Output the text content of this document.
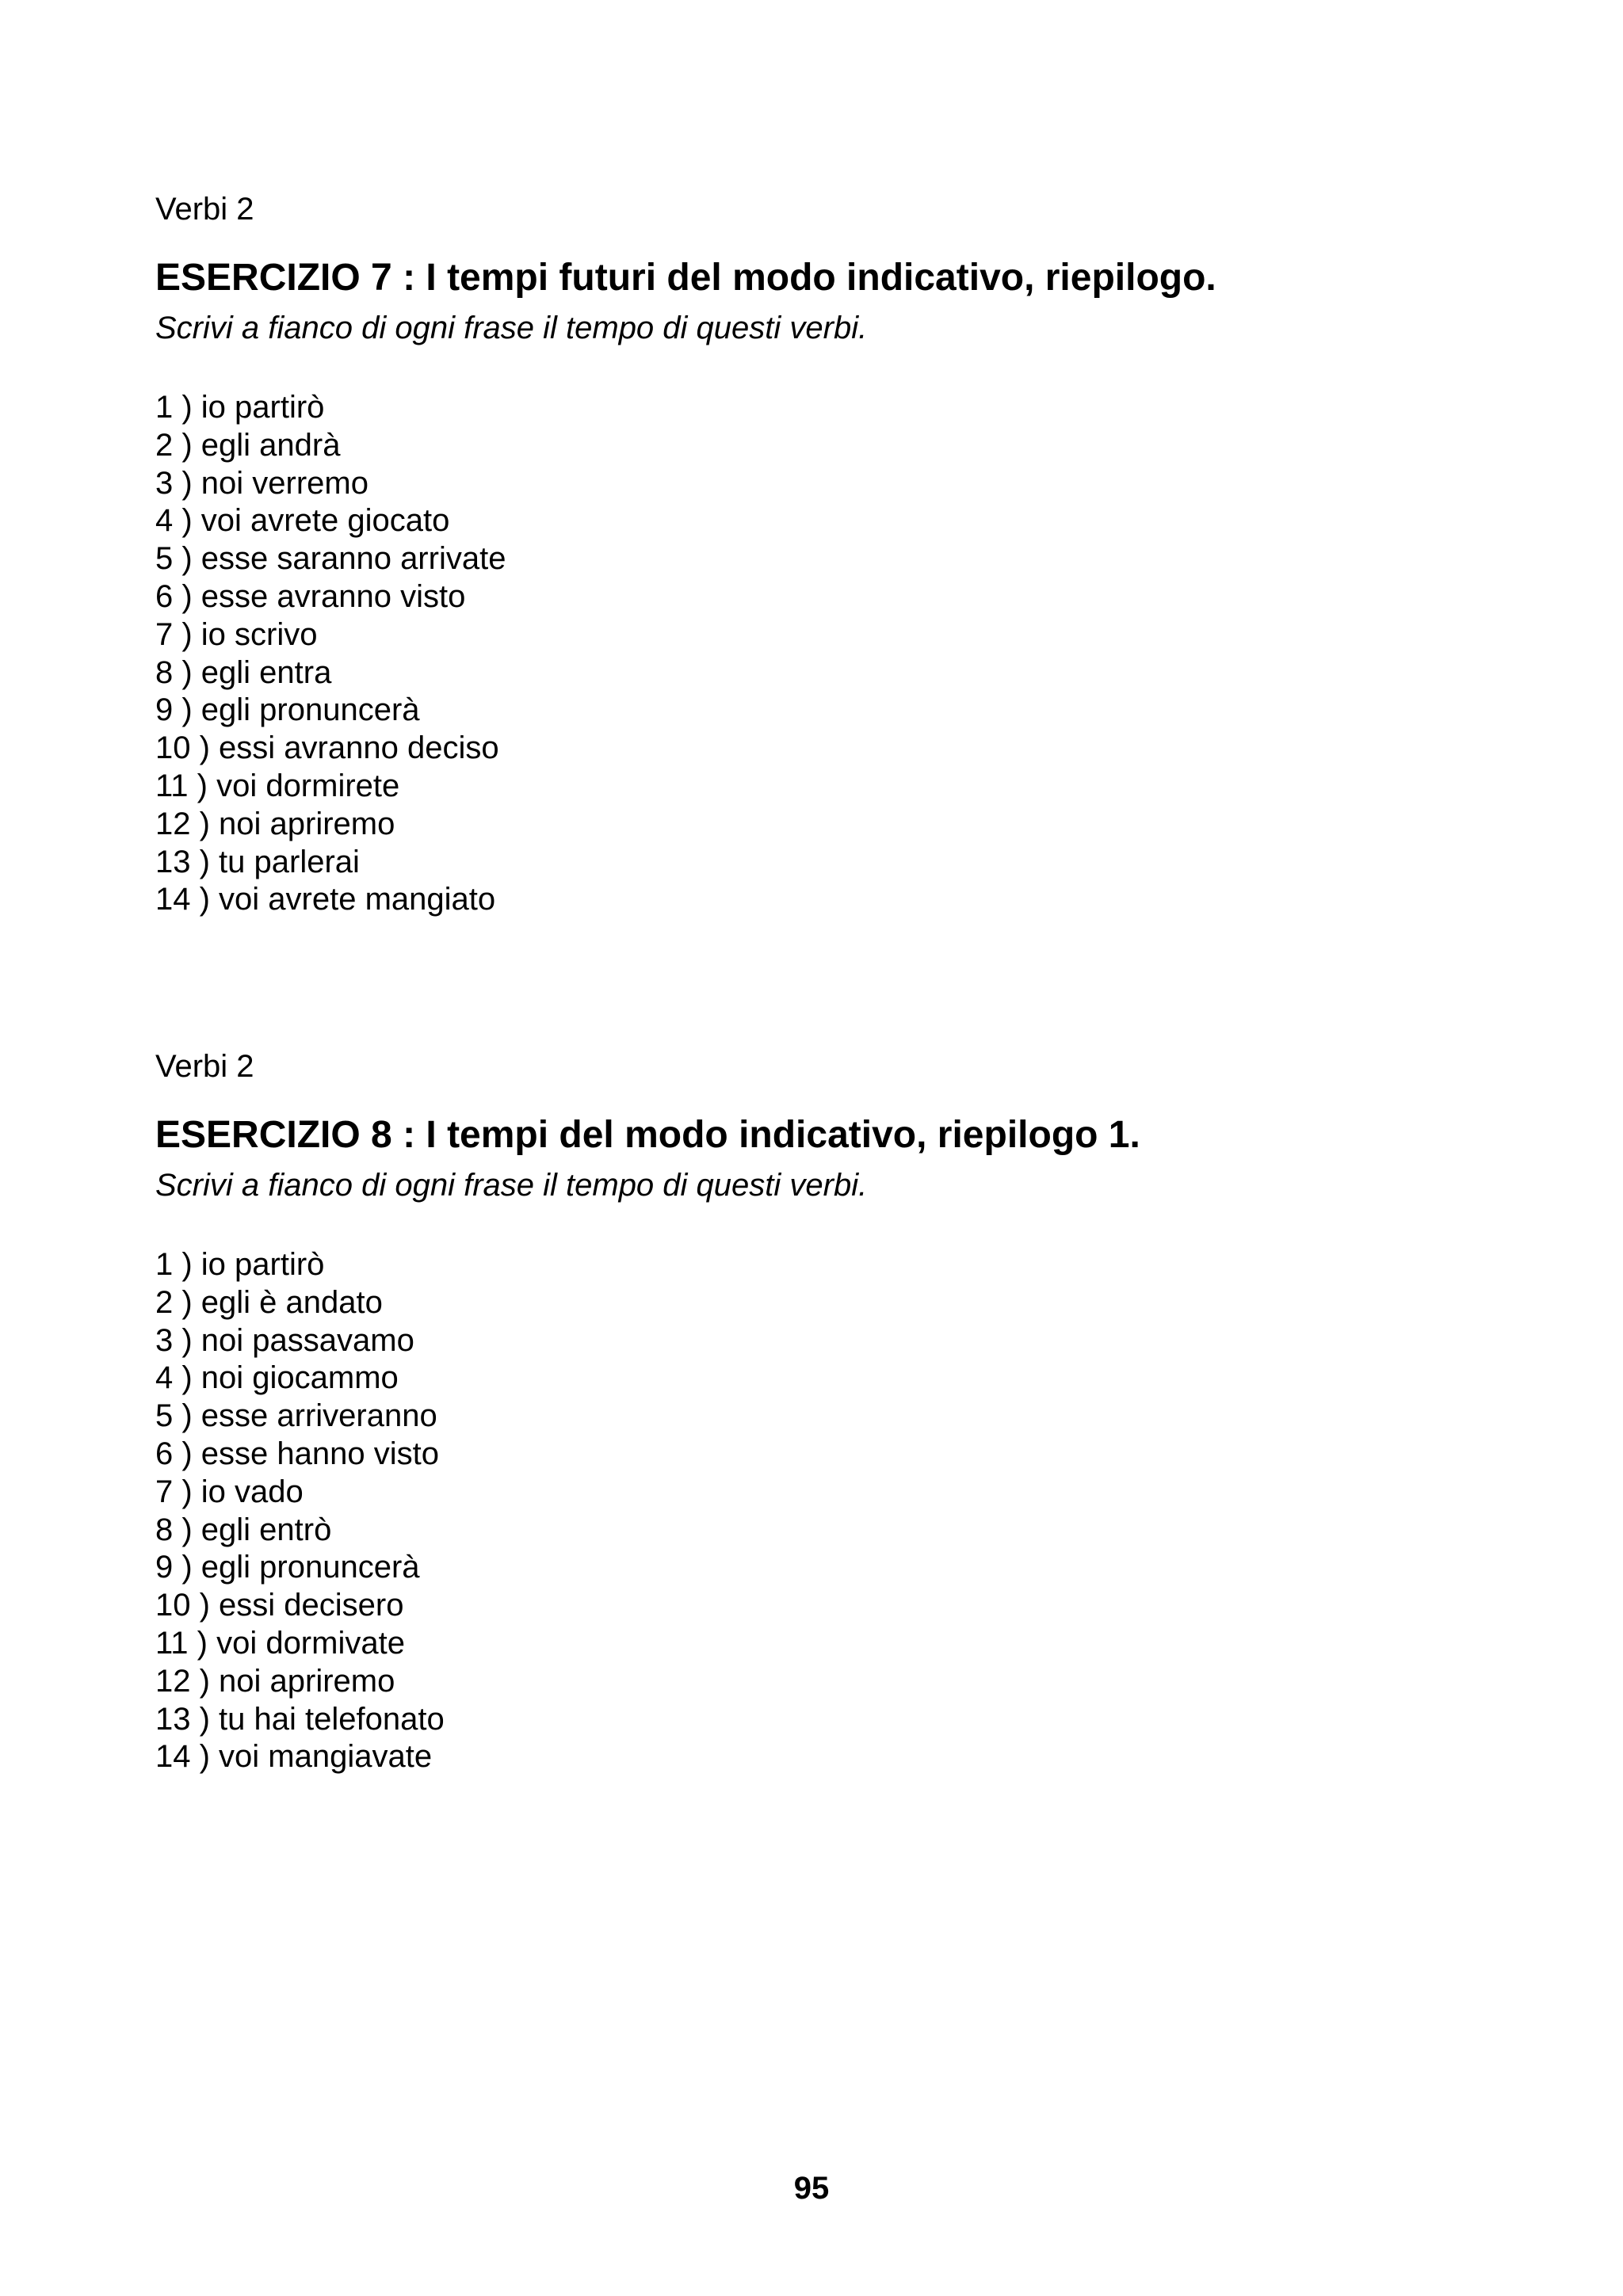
Verbi 2

ESERCIZIO 7 : I tempi futuri del modo indicativo, riepilogo.

Scrivi a fianco di ogni frase il tempo di questi verbi.

1 ) io partirò
2 ) egli andrà
3 ) noi verremo
4 ) voi avrete giocato
5 ) esse saranno arrivate
6 ) esse avranno visto
7 ) io scrivo
8 ) egli entra
9 ) egli pronuncerà
10 ) essi avranno deciso
11 ) voi dormirete
12 ) noi apriremo
13 ) tu parlerai
14 ) voi avrete mangiato

Verbi 2

ESERCIZIO 8 : I tempi del modo indicativo, riepilogo 1.

Scrivi a fianco di ogni frase il tempo di questi verbi.

1 ) io partirò
2 ) egli è andato
3 ) noi passavamo
4 ) noi giocammo
5 ) esse arriveranno
6 ) esse hanno visto
7 ) io vado
8 ) egli entrò
9 ) egli pronuncerà
10 ) essi decisero
11 ) voi dormivate
12 ) noi apriremo
13 ) tu hai telefonato
14 ) voi mangiavate
95
